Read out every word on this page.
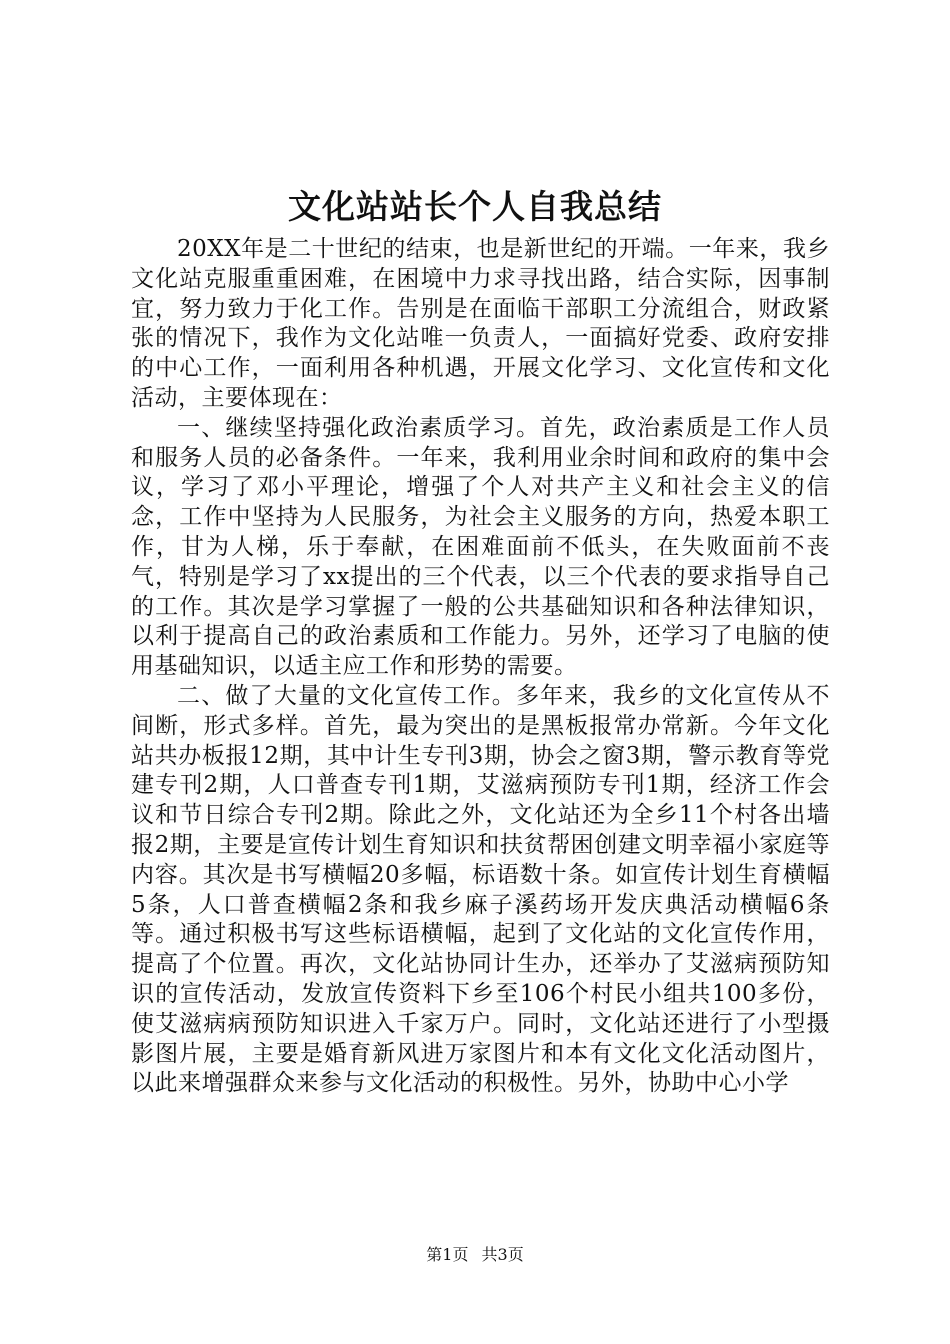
文化站站长个人自我总结

20XX年是二十世纪的结束，也是新世纪的开端。一年来，我乡文化站克服重重困难，在困境中力求寻找出路，结合实际，因事制宜，努力致力于化工作。告别是在面临干部职工分流组合，财政紧张的情况下，我作为文化站唯一负责人，一面搞好党委、政府安排的中心工作，一面利用各种机遇，开展文化学习、文化宣传和文化活动，主要体现在：

一、继续坚持强化政治素质学习。首先，政治素质是工作人员和服务人员的必备条件。一年来，我利用业余时间和政府的集中会议，学习了邓小平理论，增强了个人对共产主义和社会主义的信念，工作中坚持为人民服务，为社会主义服务的方向，热爱本职工作，甘为人梯，乐于奉献，在困难面前不低头，在失败面前不丧气，特别是学习了xx提出的三个代表，以三个代表的要求指导自己的工作。其次是学习掌握了一般的公共基础知识和各种法律知识，以利于提高自己的政治素质和工作能力。另外，还学习了电脑的使用基础知识，以适主应工作和形势的需要。

二、做了大量的文化宣传工作。多年来，我乡的文化宣传从不间断，形式多样。首先，最为突出的是黑板报常办常新。今年文化站共办板报12期，其中计生专刊3期，协会之窗3期，警示教育等党建专刊2期，人口普查专刊1期，艾滋病预防专刊1期，经济工作会议和节日综合专刊2期。除此之外，文化站还为全乡11个村各出墙报2期，主要是宣传计划生育知识和扶贫帮困创建文明幸福小家庭等内容。其次是书写横幅20多幅，标语数十条。如宣传计划生育横幅5条，人口普查横幅2条和我乡麻子溪药场开发庆典活动横幅6条等。通过积极书写这些标语横幅，起到了文化站的文化宣传作用，提高了个位置。再次，文化站协同计生办，还举办了艾滋病预防知识的宣传活动，发放宣传资料下乡至106个村民小组共100多份，使艾滋病病预防知识进入千家万户。同时，文化站还进行了小型摄影图片展，主要是婚育新风进万家图片和本有文化文化活动图片，以此来增强群众来参与文化活动的积极性。另外，协助中心小学

第1页 共3页
